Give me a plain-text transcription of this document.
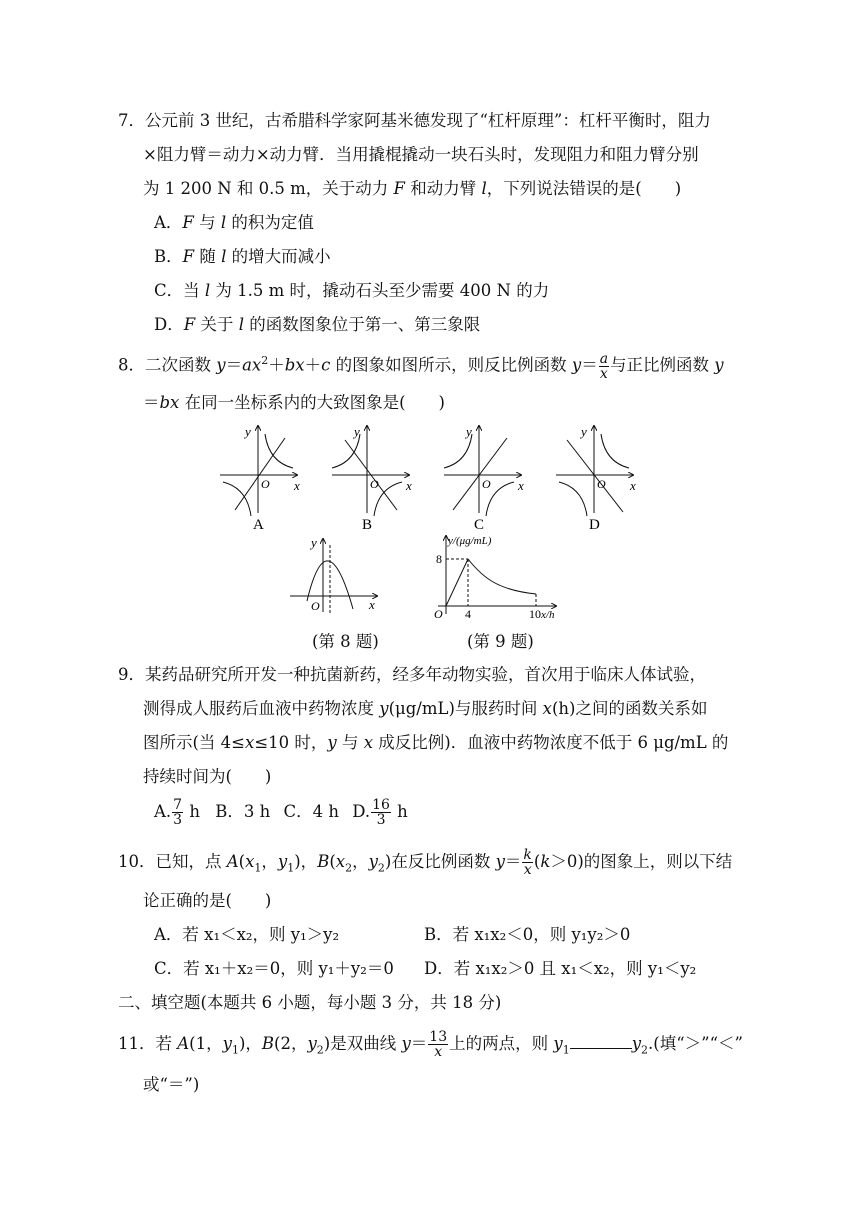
7．公元前 3 世纪，古希腊科学家阿基米德发现了“杠杆原理”：杠杆平衡时，阻力
×阻力臂＝动力×动力臂．当用撬棍撬动一块石头时，发现阻力和阻力臂分别
为 1 200 N 和 0.5 m，关于动力 F 和动力臂 l，下列说法错误的是(　　)
A．F 与 l 的积为定值
B．F 随 l 的增大而减小
C．当 l 为 1.5 m 时，撬动石头至少需要 400 N 的力
D．F 关于 l 的函数图象位于第一、第三象限
8．二次函数 $y=ax^2+bx+c$ 的图象如图所示，则反比例函数 $y= \frac{a}{x}$ 与正比例函数 y
＝bx 在同一坐标系内的大致图象是(　　)
y
x
O
A
y
x
O
B
y
x
O
C
y
x
O
D
y
x
O
y/(μg/mL)
8
4	10 x/h
O
(第 8 题)	(第 9 题)
9．某药品研究所开发一种抗菌新药，经多年动物实验，首次用于临床人体试验，
测得成人服药后血液中药物浓度 y(μg/mL)与服药时间 x(h)之间的函数关系如
图所示(当 4≤x≤10 时，y 与 x 成反比例)．血液中药物浓度不低于 6 μg/mL 的
持续时间为(　　)
A. $\frac{7}{3}$ h B．3 h C．4 h D. $\frac{16}{3}$ h
10．已知，点 $A(x_1$，$y_1$)，$B(x_2$，$y_2$)在反比例函数 $y= \frac{k}{x} (k>0)$的图象上，则以下结
论正确的是(　　)
A．若 x₁＜x₂，则 y₁＞y₂	B．若 x₁x₂＜0，则 y₁y₂＞0
C．若 x₁＋x₂＝0，则 y₁＋y₂＝0 D．若 x₁x₂＞0 且 x₁＜x₂，则 y₁＜y₂
二、填空题(本题共 6 小题，每小题 3 分，共 18 分)
11．若 A(1，$y_1$)，B(2，$y_2$)是双曲线 $y= \frac{13}{x}$ 上的两点，则 $y_1$	$y_2$.(填“＞”“＜”
或“＝”)
